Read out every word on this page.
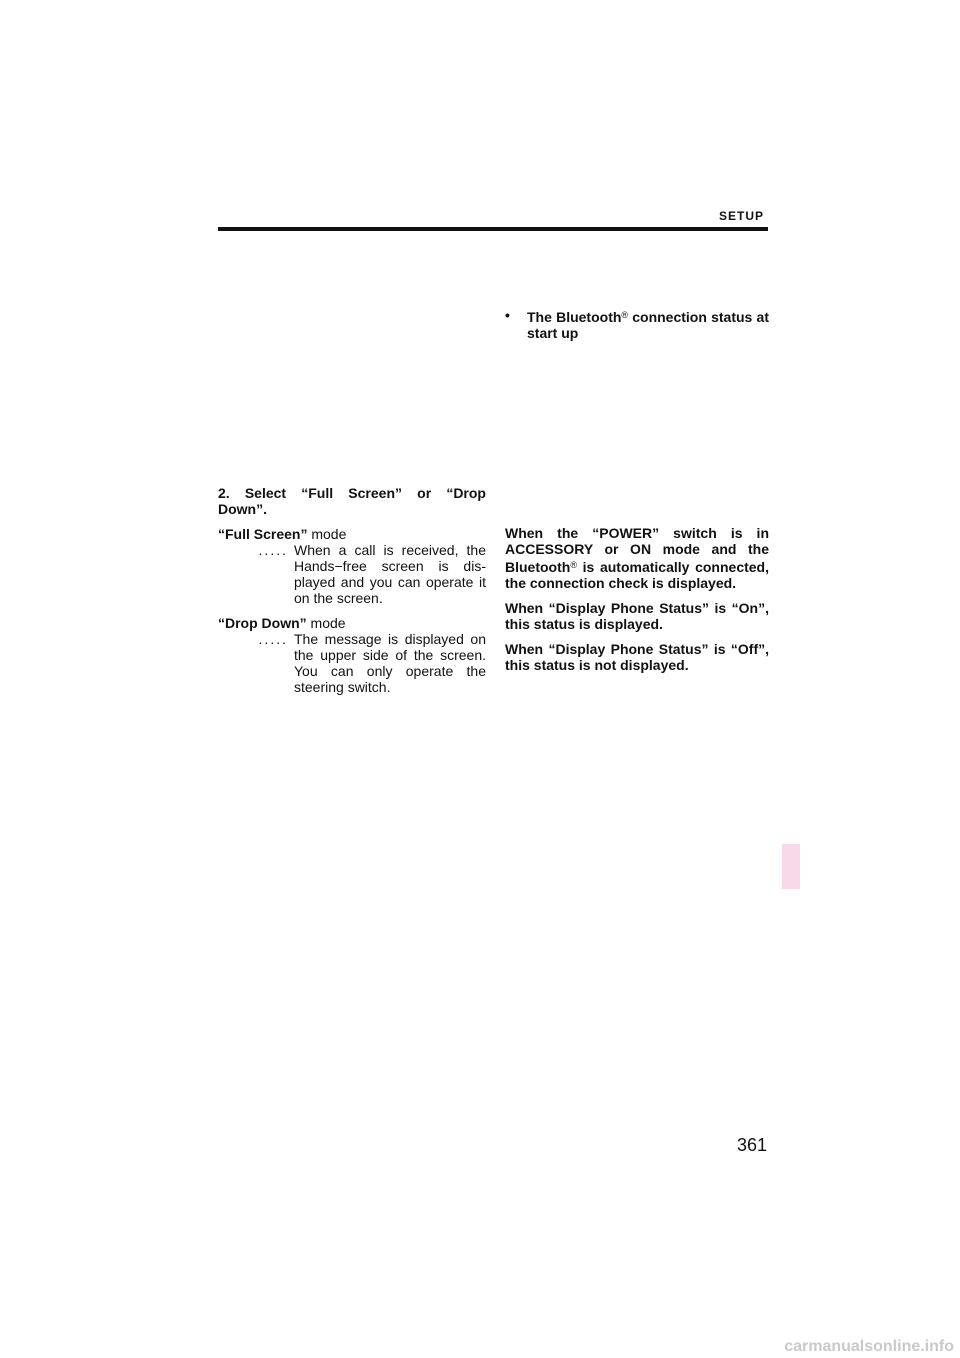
SETUP

2. Select “Full Screen” or “Drop

Down”.

“Full Screen” mode

..... When a call is received, the Hands−free screen is dis-played and you can operate it on the screen.

“Drop Down” mode

..... The message is displayed on the upper side of the screen. You can only operate the steering switch.
•	The Bluetooth® connection status at start up

When the “POWER” switch is in ACCESSORY or ON mode and the Bluetooth® is automatically connected, the connection check is displayed.

When “Display Phone Status” is “On”, this status is displayed.

When “Display Phone Status” is “Off”, this status is not displayed.

361
carmanualsonline.info
